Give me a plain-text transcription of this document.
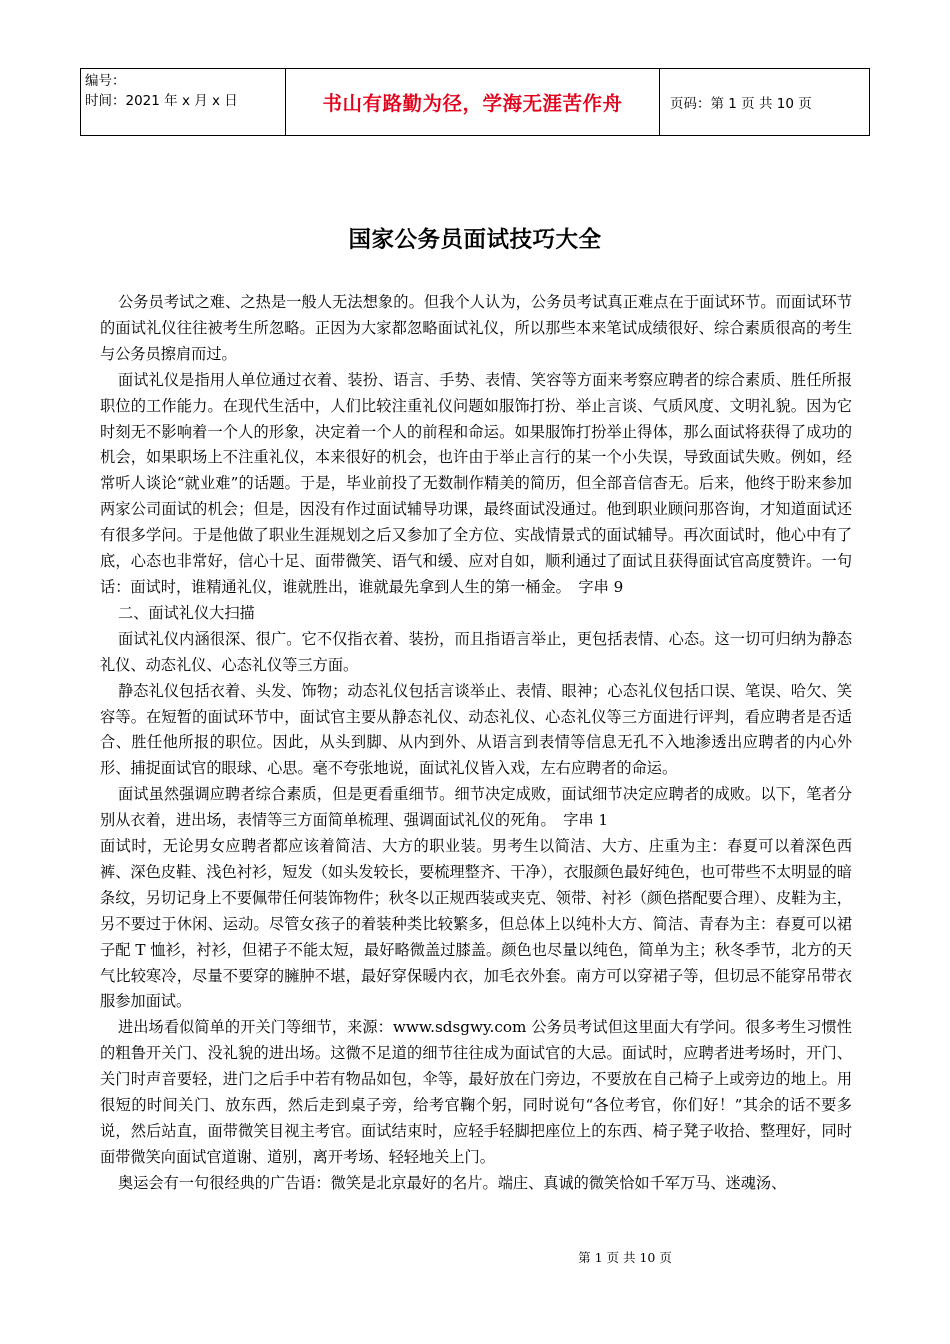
编号：
时间：2021 年 x 月 x 日	书山有路勤为径，学海无涯苦作舟	页码：第 1 页 共 10 页
国家公务员面试技巧大全

公务员考试之难、之热是一般人无法想象的。但我个人认为，公务员考试真正难点在于面试环节。而面试环节的面试礼仪往往被考生所忽略。正因为大家都忽略面试礼仪，所以那些本来笔试成绩很好、综合素质很高的考生与公务员擦肩而过。

面试礼仪是指用人单位通过衣着、装扮、语言、手势、表情、笑容等方面来考察应聘者的综合素质、胜任所报职位的工作能力。在现代生活中，人们比较注重礼仪问题如服饰打扮、举止言谈、气质风度、文明礼貌。因为它时刻无不影响着一个人的形象，决定着一个人的前程和命运。如果服饰打扮举止得体，那么面试将获得了成功的机会，如果职场上不注重礼仪，本来很好的机会，也许由于举止言行的某一个小失误，导致面试失败。例如，经常听人谈论“就业难”的话题。于是，毕业前投了无数制作精美的简历，但全部音信杳无。后来，他终于盼来参加两家公司面试的机会；但是，因没有作过面试辅导功课，最终面试没通过。他到职业顾问那咨询，才知道面试还有很多学问。于是他做了职业生涯规划之后又参加了全方位、实战情景式的面试辅导。再次面试时，他心中有了底，心态也非常好，信心十足、面带微笑、语气和缓、应对自如，顺利通过了面试且获得面试官高度赞许。一句话：面试时，谁精通礼仪，谁就胜出，谁就最先拿到人生的第一桶金。　字串 9

二、面试礼仪大扫描

面试礼仪内涵很深、很广。它不仅指衣着、装扮，而且指语言举止，更包括表情、心态。这一切可归纳为静态礼仪、动态礼仪、心态礼仪等三方面。

静态礼仪包括衣着、头发、饰物；动态礼仪包括言谈举止、表情、眼神；心态礼仪包括口误、笔误、哈欠、笑容等。在短暂的面试环节中，面试官主要从静态礼仪、动态礼仪、心态礼仪等三方面进行评判，看应聘者是否适合、胜任他所报的职位。因此，从头到脚、从内到外、从语言到表情等信息无孔不入地渗透出应聘者的内心外形、捕捉面试官的眼球、心思。毫不夸张地说，面试礼仪皆入戏，左右应聘者的命运。

面试虽然强调应聘者综合素质，但是更看重细节。细节决定成败，面试细节决定应聘者的成败。以下，笔者分别从衣着，进出场，表情等三方面简单梳理、强调面试礼仪的死角。　字串 1

面试时，无论男女应聘者都应该着简洁、大方的职业装。男考生以简洁、大方、庄重为主：春夏可以着深色西裤、深色皮鞋、浅色衬衫，短发（如头发较长，要梳理整齐、干净），衣服颜色最好纯色，也可带些不太明显的暗条纹，另切记身上不要佩带任何装饰物件；秋冬以正规西装或夹克、领带、衬衫（颜色搭配要合理）、皮鞋为主，另不要过于休闲、运动。尽管女孩子的着装种类比较繁多，但总体上以纯朴大方、简洁、青春为主：春夏可以裙子配 T 恤衫，衬衫，但裙子不能太短，最好略微盖过膝盖。颜色也尽量以纯色，简单为主；秋冬季节，北方的天气比较寒冷，尽量不要穿的臃肿不堪，最好穿保暖内衣，加毛衣外套。南方可以穿裙子等，但切忌不能穿吊带衣服参加面试。

进出场看似简单的开关门等细节，来源：www.sdsgwy.com 公务员考试但这里面大有学问。很多考生习惯性的粗鲁开关门、没礼貌的进出场。这微不足道的细节往往成为面试官的大忌。面试时，应聘者进考场时，开门、关门时声音要轻，进门之后手中若有物品如包，伞等，最好放在门旁边，不要放在自己椅子上或旁边的地上。用很短的时间关门、放东西，然后走到桌子旁，给考官鞠个躬，同时说句“各位考官，你们好！”其余的话不要多说，然后站直，面带微笑目视主考官。面试结束时，应轻手轻脚把座位上的东西、椅子凳子收拾、整理好，同时面带微笑向面试官道谢、道别，离开考场、轻轻地关上门。

奥运会有一句很经典的广告语：微笑是北京最好的名片。端庄、真诚的微笑恰如千军万马、迷魂汤、

第 1 页 共 10 页
